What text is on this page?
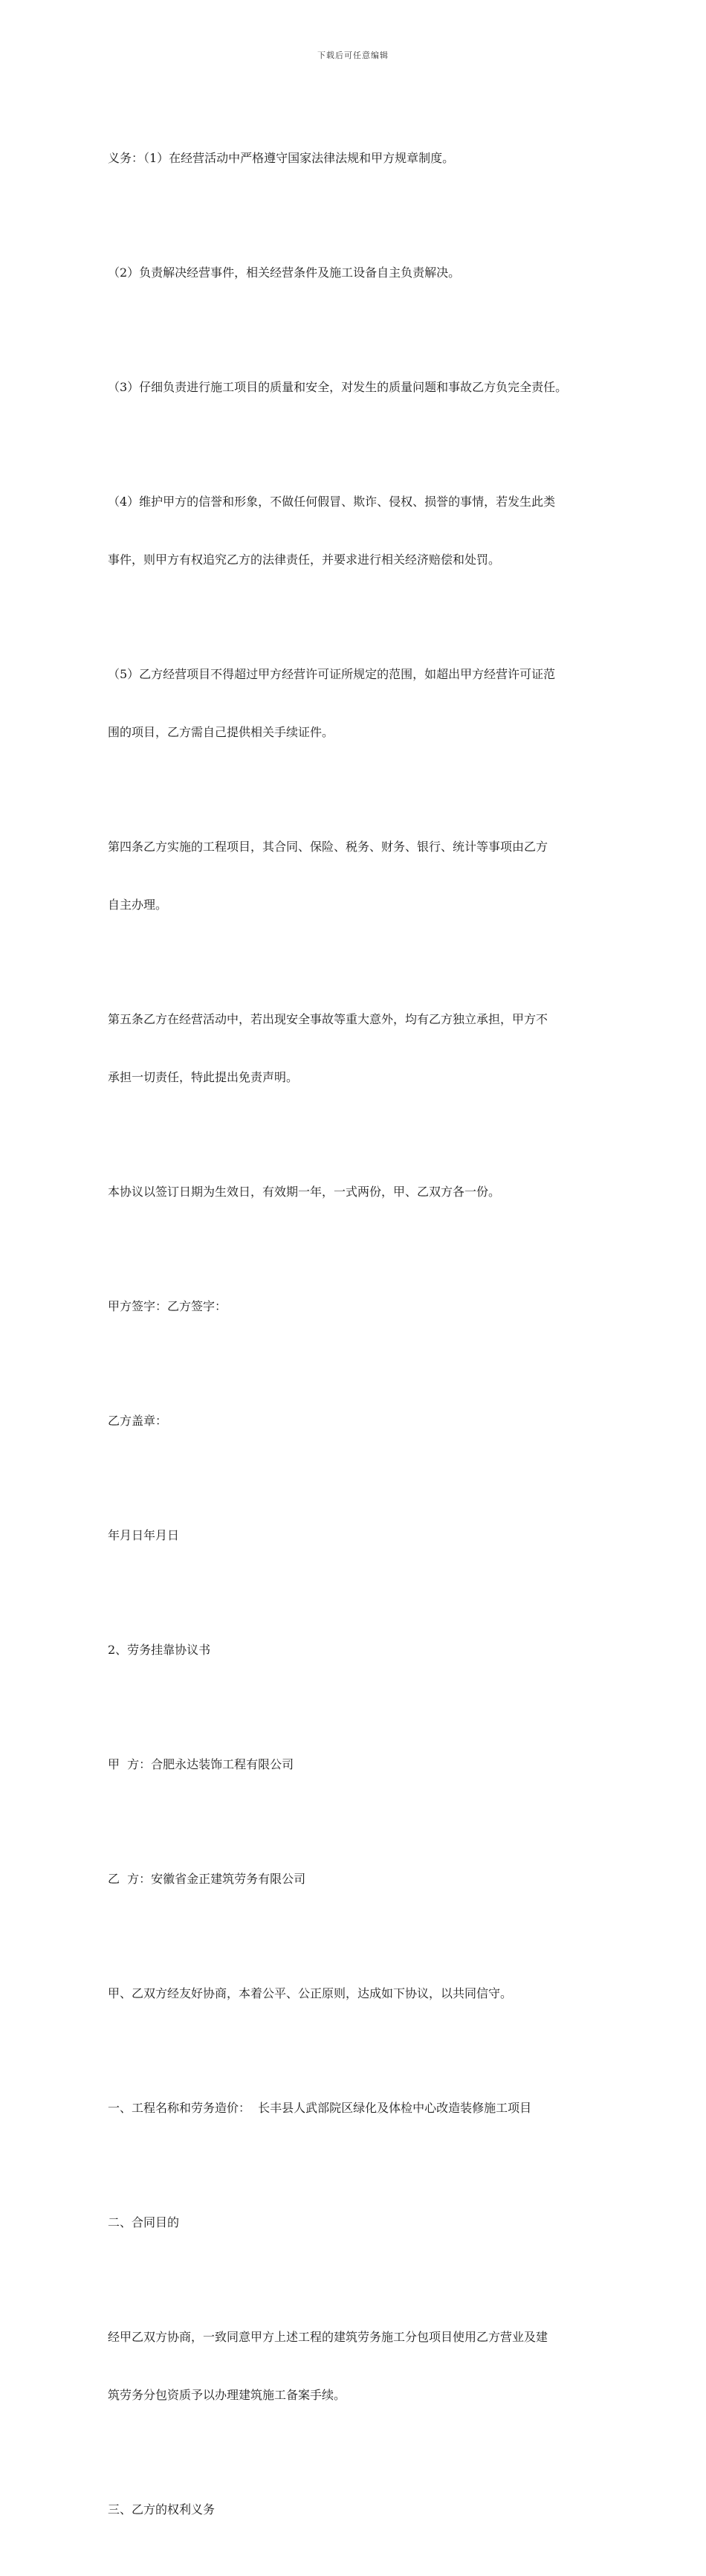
下载后可任意编辑

义务：（1）在经营活动中严格遵守国家法律法规和甲方规章制度。

（2）负责解决经营事件，相关经营条件及施工设备自主负责解决。

（3）仔细负责进行施工项目的质量和安全，对发生的质量问题和事故乙方负完全责任。

（4）维护甲方的信誉和形象，不做任何假冒、欺诈、侵权、损誉的事情，若发生此类

事件，则甲方有权追究乙方的法律责任，并要求进行相关经济赔偿和处罚。

（5）乙方经营项目不得超过甲方经营许可证所规定的范围，如超出甲方经营许可证范

围的项目，乙方需自己提供相关手续证件。

第四条乙方实施的工程项目，其合同、保险、税务、财务、银行、统计等事项由乙方

自主办理。

第五条乙方在经营活动中，若出现安全事故等重大意外，均有乙方独立承担，甲方不

承担一切责任，特此提出免责声明。

本协议以签订日期为生效日，有效期一年，一式两份，甲、乙双方各一份。

甲方签字：乙方签字：

乙方盖章：

年月日年月日

2、劳务挂靠协议书

甲  方：合肥永达装饰工程有限公司

乙  方：安徽省金正建筑劳务有限公司

甲、乙双方经友好协商，本着公平、公正原则，达成如下协议，以共同信守。

一、工程名称和劳务造价：  长丰县人武部院区绿化及体检中心改造装修施工项目

二、合同目的

经甲乙双方协商，一致同意甲方上述工程的建筑劳务施工分包项目使用乙方营业及建

筑劳务分包资质予以办理建筑施工备案手续。

三、乙方的权利义务
